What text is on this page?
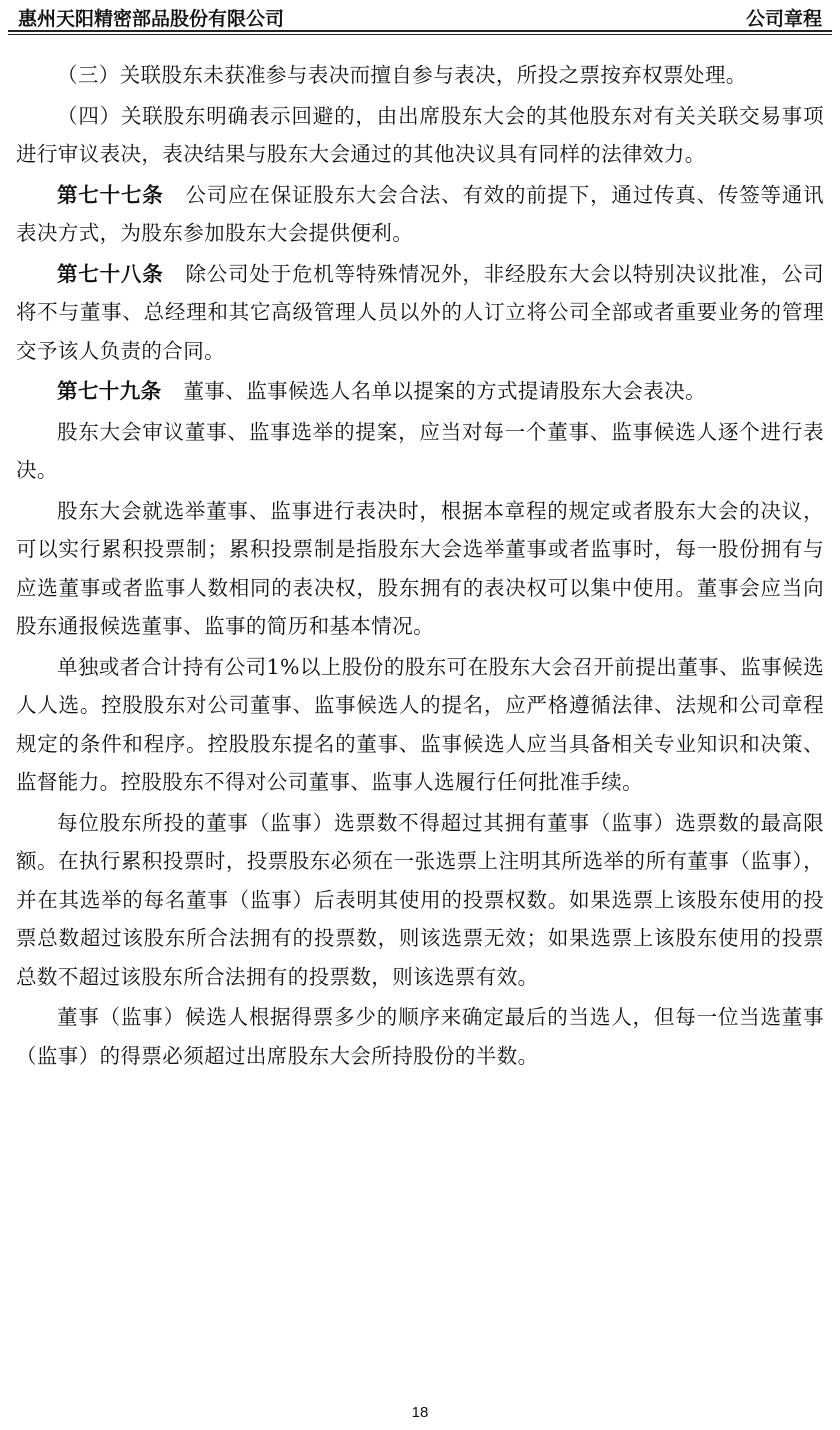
惠州天阳精密部品股份有限公司	公司章程

（三）关联股东未获准参与表决而擅自参与表决，所投之票按弃权票处理。

（四）关联股东明确表示回避的，由出席股东大会的其他股东对有关关联交易事项进行审议表决，表决结果与股东大会通过的其他决议具有同样的法律效力。

第七十七条 公司应在保证股东大会合法、有效的前提下，通过传真、传签等通讯表决方式，为股东参加股东大会提供便利。

第七十八条 除公司处于危机等特殊情况外，非经股东大会以特别决议批准，公司将不与董事、总经理和其它高级管理人员以外的人订立将公司全部或者重要业务的管理交予该人负责的合同。

第七十九条 董事、监事候选人名单以提案的方式提请股东大会表决。

股东大会审议董事、监事选举的提案，应当对每一个董事、监事候选人逐个进行表决。

股东大会就选举董事、监事进行表决时，根据本章程的规定或者股东大会的决议，可以实行累积投票制；累积投票制是指股东大会选举董事或者监事时，每一股份拥有与应选董事或者监事人数相同的表决权，股东拥有的表决权可以集中使用。董事会应当向股东通报候选董事、监事的简历和基本情况。

单独或者合计持有公司1%以上股份的股东可在股东大会召开前提出董事、监事候选人人选。控股股东对公司董事、监事候选人的提名，应严格遵循法律、法规和公司章程规定的条件和程序。控股股东提名的董事、监事候选人应当具备相关专业知识和决策、监督能力。控股股东不得对公司董事、监事人选履行任何批准手续。

每位股东所投的董事（监事）选票数不得超过其拥有董事（监事）选票数的最高限额。在执行累积投票时，投票股东必须在一张选票上注明其所选举的所有董事（监事），并在其选举的每名董事（监事）后表明其使用的投票权数。如果选票上该股东使用的投票总数超过该股东所合法拥有的投票数，则该选票无效；如果选票上该股东使用的投票总数不超过该股东所合法拥有的投票数，则该选票有效。

董事（监事）候选人根据得票多少的顺序来确定最后的当选人，但每一位当选董事（监事）的得票必须超过出席股东大会所持股份的半数。

18
